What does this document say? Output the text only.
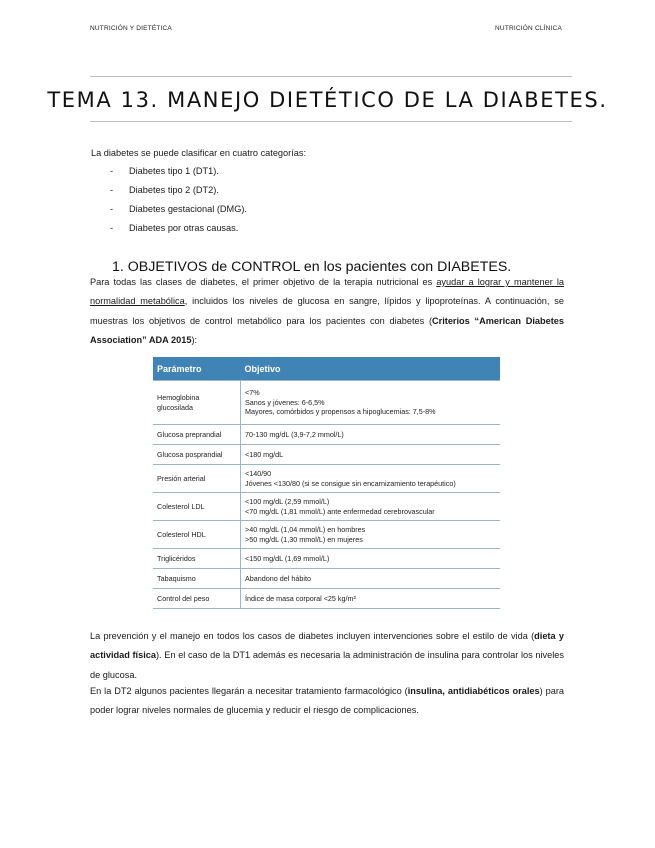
NUTRICIÓN Y DIETÉTICA	NUTRICIÓN CLÍNICA
TEMA 13. MANEJO DIETÉTICO DE LA DIABETES.
La diabetes se puede clasificar en cuatro categorías:
-	Diabetes tipo 1 (DT1).
-	Diabetes tipo 2 (DT2).
-	Diabetes gestacional (DMG).
-	Diabetes por otras causas.
1. OBJETIVOS de CONTROL en los pacientes con DIABETES.

Para todas las clases de diabetes, el primer objetivo de la terapia nutricional es ayudar a lograr y mantener la normalidad metabólica, incluidos los niveles de glucosa en sangre, lípidos y lipoproteínas. A continuación, se muestras los objetivos de control metabólico para los pacientes con diabetes (Criterios “American Diabetes Association” ADA 2015):

Parámetro	Objetivo
Hemoglobina glucosilada	<7%
Sanos y jóvenes: 6-6,5%
Mayores, comórbidos y propensos a hipoglucemias: 7,5-8%

Glucosa preprandial	70-130 mg/dL (3,9-7,2 mmol/L)

Glucosa posprandial	<180 mg/dL

Presión arterial	<140/90
Jóvenes <130/80 (si se consigue sin encarnizamiento terapéutico)

Colesterol LDL	<100 mg/dL (2,59 mmol/L)
<70 mg/dL (1,81 mmol/L) ante enfermedad cerebrovascular

Colesterol HDL	>40 mg/dL (1,04 mmol/L) en hombres
>50 mg/dL (1,30 mmol/L) en mujeres

Triglicéridos	<150 mg/dL (1,69 mmol/L)

Tabaquismo	Abandono del hábito

Control del peso	Índice de masa corporal <25 kg/m²

La prevención y el manejo en todos los casos de diabetes incluyen intervenciones sobre el estilo de vida (dieta y actividad física). En el caso de la DT1 además es necesaria la administración de insulina para controlar los niveles de glucosa.

En la DT2 algunos pacientes llegarán a necesitar tratamiento farmacológico (insulina, antidiabéticos orales) para poder lograr niveles normales de glucemia y reducir el riesgo de complicaciones.
